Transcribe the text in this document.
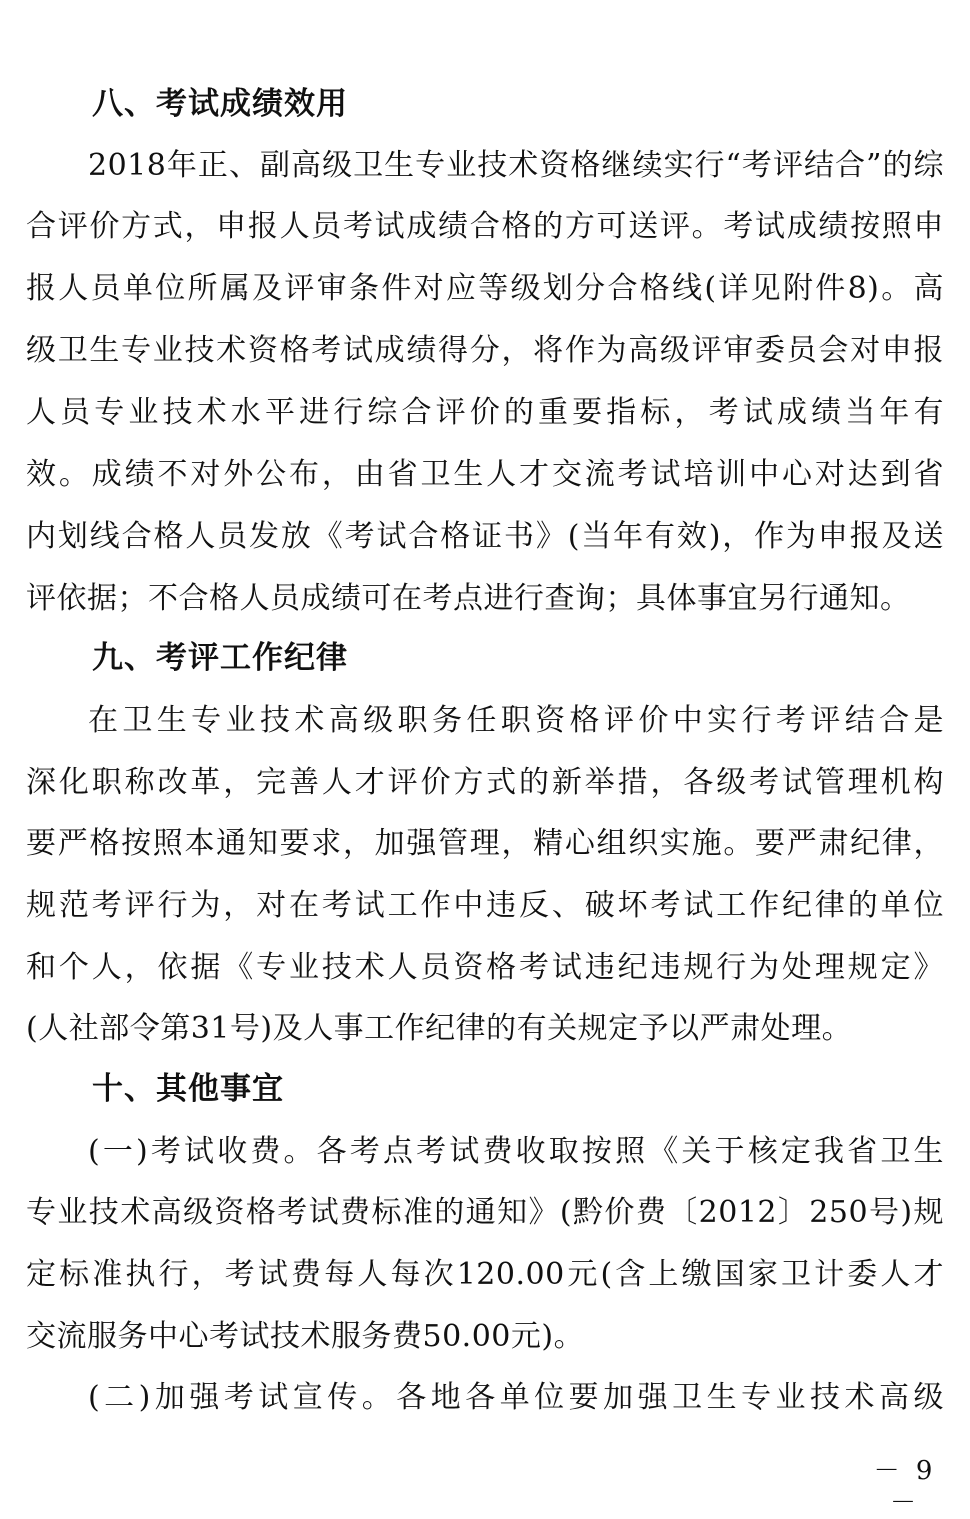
八、考试成绩效用
2018年正、副高级卫生专业技术资格继续实行“考评结合”的综
合评价方式，申报人员考试成绩合格的方可送评。考试成绩按照申
报人员单位所属及评审条件对应等级划分合格线(详见附件8)。高
级卫生专业技术资格考试成绩得分，将作为高级评审委员会对申报
人员专业技术水平进行综合评价的重要指标，考试成绩当年有
效。成绩不对外公布，由省卫生人才交流考试培训中心对达到省
内划线合格人员发放《考试合格证书》(当年有效)，作为申报及送
评依据；不合格人员成绩可在考点进行查询；具体事宜另行通知。
九、考评工作纪律
在卫生专业技术高级职务任职资格评价中实行考评结合是
深化职称改革，完善人才评价方式的新举措，各级考试管理机构
要严格按照本通知要求，加强管理，精心组织实施。要严肃纪律，
规范考评行为，对在考试工作中违反、破坏考试工作纪律的单位
和个人，依据《专业技术人员资格考试违纪违规行为处理规定》
(人社部令第31号)及人事工作纪律的有关规定予以严肃处理。
十、其他事宜
(一)考试收费。各考点考试费收取按照《关于核定我省卫生
专业技术高级资格考试费标准的通知》(黔价费〔2012〕250号)规
定标准执行，考试费每人每次120.00元(含上缴国家卫计委人才
交流服务中心考试技术服务费50.00元)。
(二)加强考试宣传。各地各单位要加强卫生专业技术高级
－ 9 －
